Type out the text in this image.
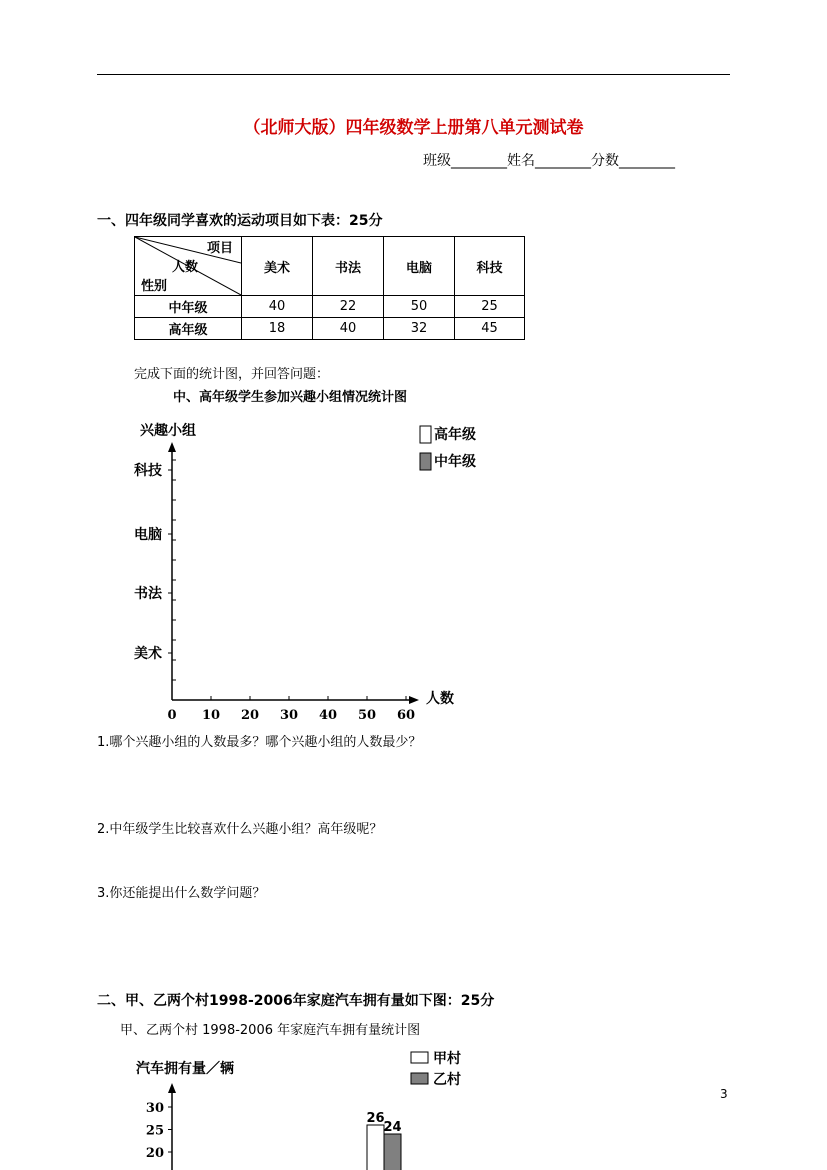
（北师大版）四年级数学上册第八单元测试卷
班级________姓名________分数________
一、四年级同学喜欢的运动项目如下表：25分
项目
人数
性别	美术	书法	电脑	科技
中年级	40	22	50	25
高年级	18	40	32	45
完成下面的统计图，并回答问题：
中、高年级学生参加兴趣小组情况统计图
兴趣小组
人数
科技
电脑
书法
美术
0 10 20 30 40 50 60
高年级
中年级
1.哪个兴趣小组的人数最多？哪个兴趣小组的人数最少？
2.中年级学生比较喜欢什么兴趣小组？高年级呢？
3.你还能提出什么数学问题？
二、甲、乙两个村1998-2006年家庭汽车拥有量如下图：25分
甲、乙两个村 1998-2006 年家庭汽车拥有量统计图
汽车拥有量／辆
30
25
20
26
24
甲村
乙村
3
